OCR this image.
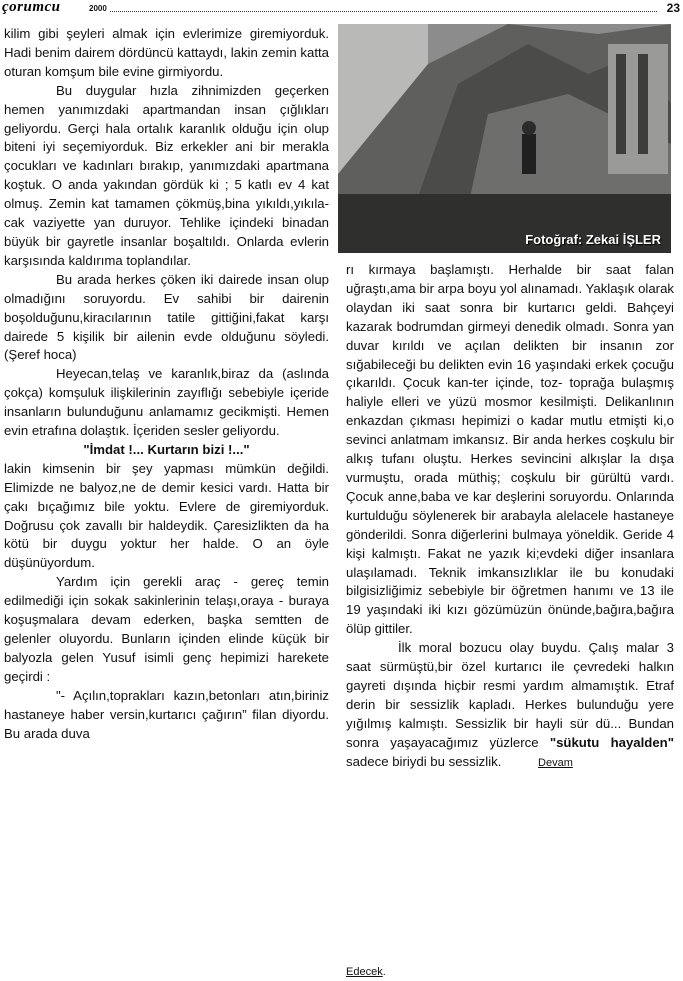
çorumcu	2000	23

kilim gibi şeyleri almak için evlerimize giremiyorduk. Hadi benim dairem dördüncü kattaydı, lakin zemin katta oturan komşum bile evine girmiyordu.

Bu duygular hızla zihnimizden geçerken hemen yanımızdaki apartmandan insan çığlıkları geliyordu. Gerçi hala ortalık karanlık olduğu için olup biteni iyi seçemiyorduk. Biz erkekler ani bir merakla çocukları ve kadınları bırakıp, yanımızdaki apartmana koştuk. O anda yakından gördük ki ; 5 katlı ev 4 kat olmuş. Zemin kat tamamen çökmüş,bina yıkıldı,yıkılacak vaziyette yan duruyor. Tehlike içindeki binadan büyük bir gayretle insanlar boşaltıldı. Onlarda evlerin karşısında kaldırıma toplandılar.

Bu arada herkes çöken iki dairede insan olup olmadığını soruyordu. Ev sahibi bir dairenin boşolduğunu,kiracılarının tatile gittiğini,fakat karşı dairede 5 kişilik bir ailenin evde olduğunu söyledi. (Şeref hoca)

Heyecan,telaş ve karanlık,biraz da (aslında çokça) komşuluk ilişkilerinin zayıflığı sebebiyle içeride insanların bulunduğunu anlamamız gecikmişti. Hemen evin etrafına dolaştık. İçeriden sesler geliyordu.

"İmdat !... Kurtarın bizi !..."

lakin kimsenin bir şey yapması mümkün değildi. Elimizde ne balyoz,ne de demir kesici vardı. Hatta bir çakı bıçağımız bile yoktu. Evlere de giremiyorduk. Doğrusu çok zavallı bir haldeydik. Çaresizlikten da ha kötü bir duygu yoktur her halde. O an öyle düşünüyordum.

Yardım için gerekli araç - gereç temin edilmediği için sokak sakinlerinin telaşı,oraya - buraya koşuşmalara devam ederken, başka semtten de gelenler oluyordu. Bunların içinden elinde küçük bir balyozla gelen Yusuf isimli genç hepimizi harekete geçirdi :

"- Açılın,toprakları kazın,betonları atın,biriniz hastaneye haber versin,kurtarıcı çağırın” filan diyordu. Bu arada duva

Fotoğraf: Zekai İŞLER

rı kırmaya başlamıştı. Herhalde bir saat falan uğraştı,ama bir arpa boyu yol alınamadı. Yaklaşık olarak olaydan iki saat sonra bir kurtarıcı geldi. Bahçeyi kazarak bodrumdan girmeyi denedik olmadı. Sonra yan duvar kırıldı ve açılan delikten bir insanın zor sığabileceği bu delikten evin 16 yaşındaki erkek çocuğu çıkarıldı. Çocuk kan-ter içinde, toz- toprağa bulaşmış haliyle elleri ve yüzü mosmor kesilmişti. Delikanlının enkazdan çıkması hepimizi o kadar mutlu etmişti ki,o sevinci anlatmam imkansız. Bir anda herkes coşkulu bir alkış tufanı oluştu. Herkes sevincini alkışlar la dışa vurmuştu, orada müthiş; coşkulu bir gürültü vardı. Çocuk anne,baba ve kar deşlerini soruyordu. Onlarında kurtulduğu söylenerek bir arabayla alelacele hastaneye gönderildi. Sonra diğerlerini bulmaya yöneldik. Geride 4 kişi kalmıştı. Fakat ne yazık ki;evdeki diğer insanlara ulaşılamadı. Teknik imkansızlıklar ile bu konudaki bilgisizliğimiz sebebiyle bir öğretmen hanımı ve 13 ile 19 yaşındaki iki kızı gözümüzün önünde,bağıra,bağıra ölüp gittiler.

İlk moral bozucu olay buydu. Çalış malar 3 saat sürmüştü,bir özel kurtarıcı ile çevredeki halkın gayreti dışında hiçbir resmi yardım almamıştık. Etraf derin bir sessizlik kapladı. Herkes bulunduğu yere yığılmış kalmıştı. Sessizlik bir hayli sür dü... Bundan sonra yaşayacağımız yüzlerce "sükutu hayalden" sadece biriydi bu sessizlik.	Devam

Edecek.
